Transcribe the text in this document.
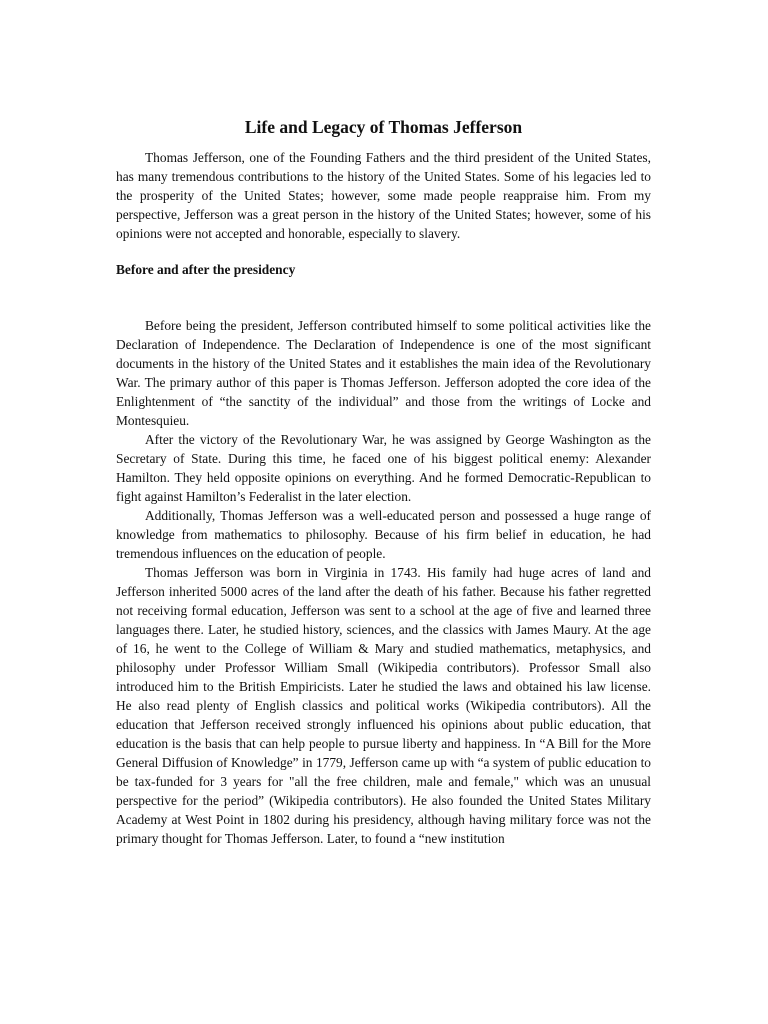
Life and Legacy of Thomas Jefferson

Thomas Jefferson, one of the Founding Fathers and the third president of the United States, has many tremendous contributions to the history of the United States. Some of his legacies led to the prosperity of the United States; however, some made people reappraise him. From my perspective, Jefferson was a great person in the history of the United States; however, some of his opinions were not accepted and honorable, especially to slavery.

Before and after the presidency

Before being the president, Jefferson contributed himself to some political activities like the Declaration of Independence. The Declaration of Independence is one of the most significant documents in the history of the United States and it establishes the main idea of the Revolutionary War. The primary author of this paper is Thomas Jefferson. Jefferson adopted the core idea of the Enlightenment of “the sanctity of the individual” and those from the writings of Locke and Montesquieu.

After the victory of the Revolutionary War, he was assigned by George Washington as the Secretary of State. During this time, he faced one of his biggest political enemy: Alexander Hamilton. They held opposite opinions on everything. And he formed Democratic-Republican to fight against Hamilton’s Federalist in the later election.

Additionally, Thomas Jefferson was a well-educated person and possessed a huge range of knowledge from mathematics to philosophy. Because of his firm belief in education, he had tremendous influences on the education of people.

Thomas Jefferson was born in Virginia in 1743. His family had huge acres of land and Jefferson inherited 5000 acres of the land after the death of his father. Because his father regretted not receiving formal education, Jefferson was sent to a school at the age of five and learned three languages there. Later, he studied history, sciences, and the classics with James Maury. At the age of 16, he went to the College of William & Mary and studied mathematics, metaphysics, and philosophy under Professor William Small (Wikipedia contributors). Professor Small also introduced him to the British Empiricists. Later he studied the laws and obtained his law license. He also read plenty of English classics and political works (Wikipedia contributors). All the education that Jefferson received strongly influenced his opinions about public education, that education is the basis that can help people to pursue liberty and happiness. In “A Bill for the More General Diffusion of Knowledge” in 1779, Jefferson came up with “a system of public education to be tax-funded for 3 years for "all the free children, male and female," which was an unusual perspective for the period” (Wikipedia contributors). He also founded the United States Military Academy at West Point in 1802 during his presidency, although having military force was not the primary thought for Thomas Jefferson. Later, to found a “new institution
